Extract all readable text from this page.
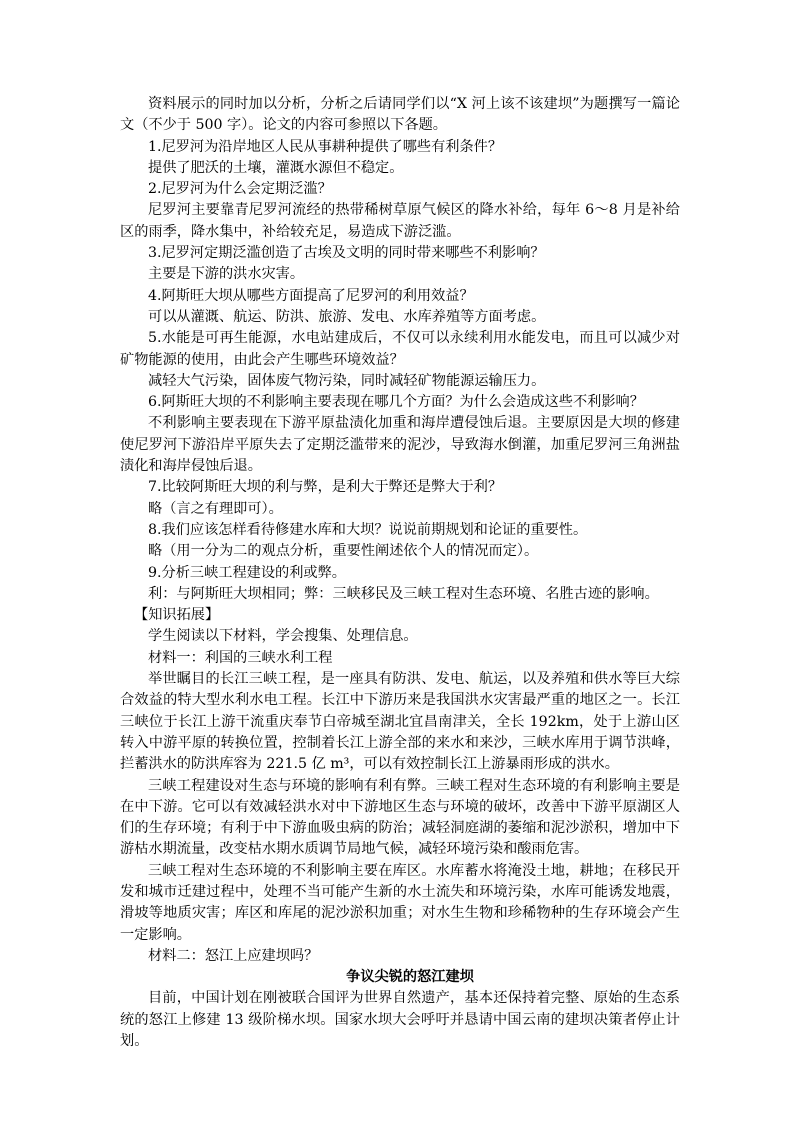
资料展示的同时加以分析，分析之后请同学们以“X 河上该不该建坝”为题撰写一篇论文（不少于 500 字）。论文的内容可参照以下各题。

1.尼罗河为沿岸地区人民从事耕种提供了哪些有利条件？

提供了肥沃的土壤，灌溉水源但不稳定。

2.尼罗河为什么会定期泛滥？

尼罗河主要靠青尼罗河流经的热带稀树草原气候区的降水补给，每年 6～8 月是补给区的雨季，降水集中，补给较充足，易造成下游泛滥。

3.尼罗河定期泛滥创造了古埃及文明的同时带来哪些不利影响？

主要是下游的洪水灾害。

4.阿斯旺大坝从哪些方面提高了尼罗河的利用效益？

可以从灌溉、航运、防洪、旅游、发电、水库养殖等方面考虑。

5.水能是可再生能源，水电站建成后，不仅可以永续利用水能发电，而且可以减少对矿物能源的使用，由此会产生哪些环境效益？

减轻大气污染，固体废气物污染，同时减轻矿物能源运输压力。

6.阿斯旺大坝的不利影响主要表现在哪几个方面？为什么会造成这些不利影响？

不利影响主要表现在下游平原盐渍化加重和海岸遭侵蚀后退。主要原因是大坝的修建使尼罗河下游沿岸平原失去了定期泛滥带来的泥沙，导致海水倒灌，加重尼罗河三角洲盐渍化和海岸侵蚀后退。

7.比较阿斯旺大坝的利与弊，是利大于弊还是弊大于利？

略（言之有理即可）。

8.我们应该怎样看待修建水库和大坝？说说前期规划和论证的重要性。

略（用一分为二的观点分析，重要性阐述依个人的情况而定）。

9.分析三峡工程建设的利或弊。

利：与阿斯旺大坝相同；弊：三峡移民及三峡工程对生态环境、名胜古迹的影响。

【知识拓展】

学生阅读以下材料，学会搜集、处理信息。

材料一：利国的三峡水利工程

举世瞩目的长江三峡工程，是一座具有防洪、发电、航运，以及养殖和供水等巨大综合效益的特大型水利水电工程。长江中下游历来是我国洪水灾害最严重的地区之一。长江三峡位于长江上游干流重庆奉节白帝城至湖北宜昌南津关，全长 192km，处于上游山区转入中游平原的转换位置，控制着长江上游全部的来水和来沙，三峡水库用于调节洪峰，拦蓄洪水的防洪库容为 221.5 亿 m³，可以有效控制长江上游暴雨形成的洪水。

三峡工程建设对生态与环境的影响有利有弊。三峡工程对生态环境的有利影响主要是在中下游。它可以有效减轻洪水对中下游地区生态与环境的破坏，改善中下游平原湖区人们的生存环境；有利于中下游血吸虫病的防治；减轻洞庭湖的萎缩和泥沙淤积，增加中下游枯水期流量，改变枯水期水质调节局地气候，减轻环境污染和酸雨危害。

三峡工程对生态环境的不利影响主要在库区。水库蓄水将淹没土地，耕地；在移民开发和城市迁建过程中，处理不当可能产生新的水土流失和环境污染，水库可能诱发地震，滑坡等地质灾害；库区和库尾的泥沙淤积加重；对水生生物和珍稀物种的生存环境会产生一定影响。

材料二：怒江上应建坝吗？

争议尖锐的怒江建坝

目前，中国计划在刚被联合国评为世界自然遗产，基本还保持着完整、原始的生态系统的怒江上修建 13 级阶梯水坝。国家水坝大会呼吁并恳请中国云南的建坝决策者停止计划。
